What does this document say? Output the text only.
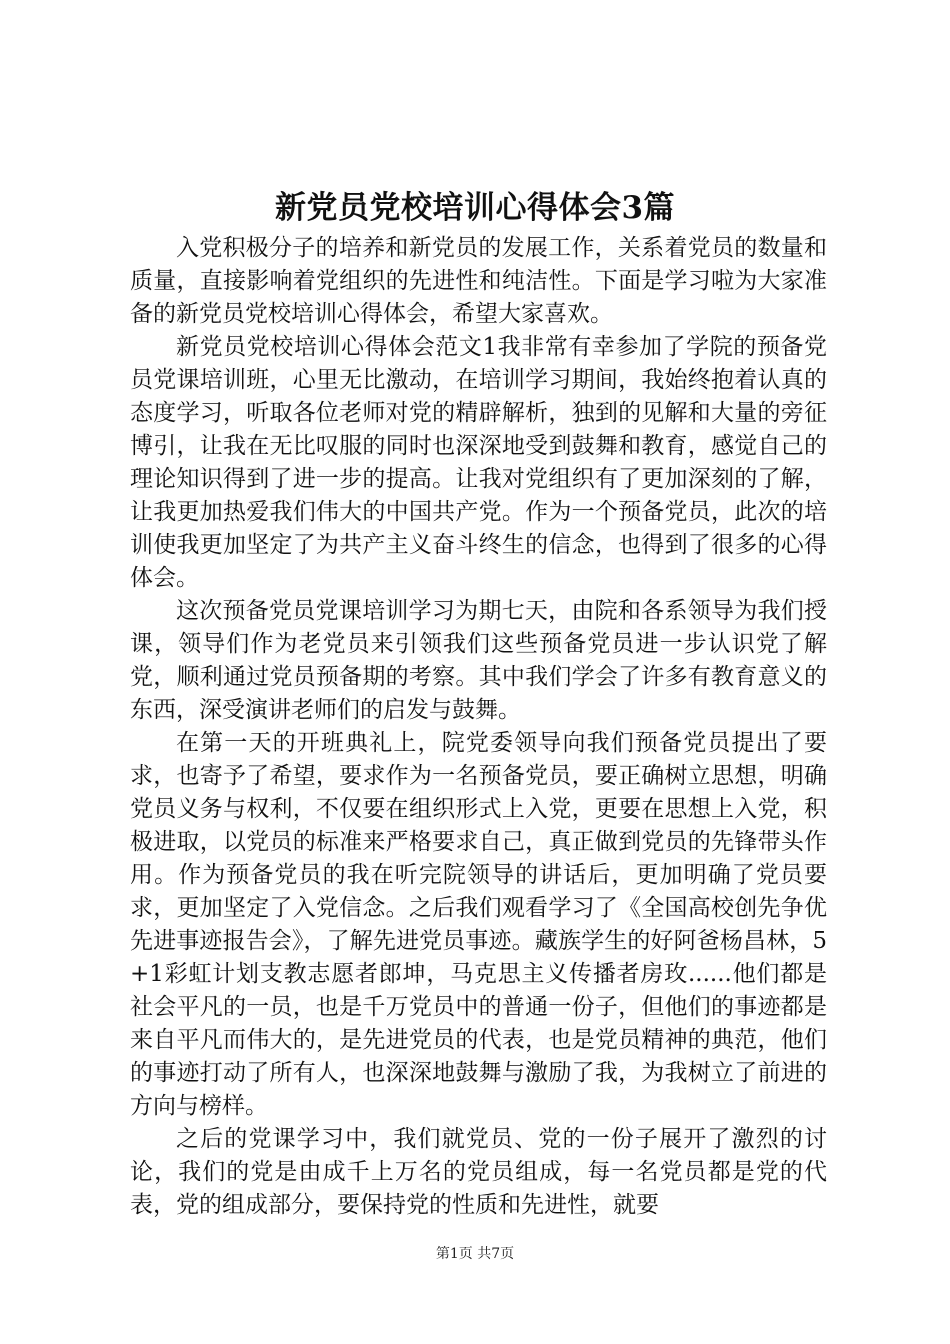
新党员党校培训心得体会3篇

入党积极分子的培养和新党员的发展工作，关系着党员的数量和质量，直接影响着党组织的先进性和纯洁性。下面是学习啦为大家准备的新党员党校培训心得体会，希望大家喜欢。

新党员党校培训心得体会范文1我非常有幸参加了学院的预备党员党课培训班，心里无比激动，在培训学习期间，我始终抱着认真的态度学习，听取各位老师对党的精辟解析，独到的见解和大量的旁征博引，让我在无比叹服的同时也深深地受到鼓舞和教育，感觉自己的理论知识得到了进一步的提高。让我对党组织有了更加深刻的了解，让我更加热爱我们伟大的中国共产党。作为一个预备党员，此次的培训使我更加坚定了为共产主义奋斗终生的信念，也得到了很多的心得体会。

这次预备党员党课培训学习为期七天，由院和各系领导为我们授课，领导们作为老党员来引领我们这些预备党员进一步认识党了解党，顺利通过党员预备期的考察。其中我们学会了许多有教育意义的东西，深受演讲老师们的启发与鼓舞。

在第一天的开班典礼上，院党委领导向我们预备党员提出了要求，也寄予了希望，要求作为一名预备党员，要正确树立思想，明确党员义务与权利，不仅要在组织形式上入党，更要在思想上入党，积极进取，以党员的标准来严格要求自己，真正做到党员的先锋带头作用。作为预备党员的我在听完院领导的讲话后，更加明确了党员要求，更加坚定了入党信念。之后我们观看学习了《全国高校创先争优先进事迹报告会》，了解先进党员事迹。藏族学生的好阿爸杨昌林，5+1彩虹计划支教志愿者郎坤，马克思主义传播者房玫......他们都是社会平凡的一员，也是千万党员中的普通一份子，但他们的事迹都是来自平凡而伟大的，是先进党员的代表，也是党员精神的典范，他们的事迹打动了所有人，也深深地鼓舞与激励了我，为我树立了前进的方向与榜样。

之后的党课学习中，我们就党员、党的一份子展开了激烈的讨论，我们的党是由成千上万名的党员组成，每一名党员都是党的代表，党的组成部分，要保持党的性质和先进性，就要

第1页 共7页
